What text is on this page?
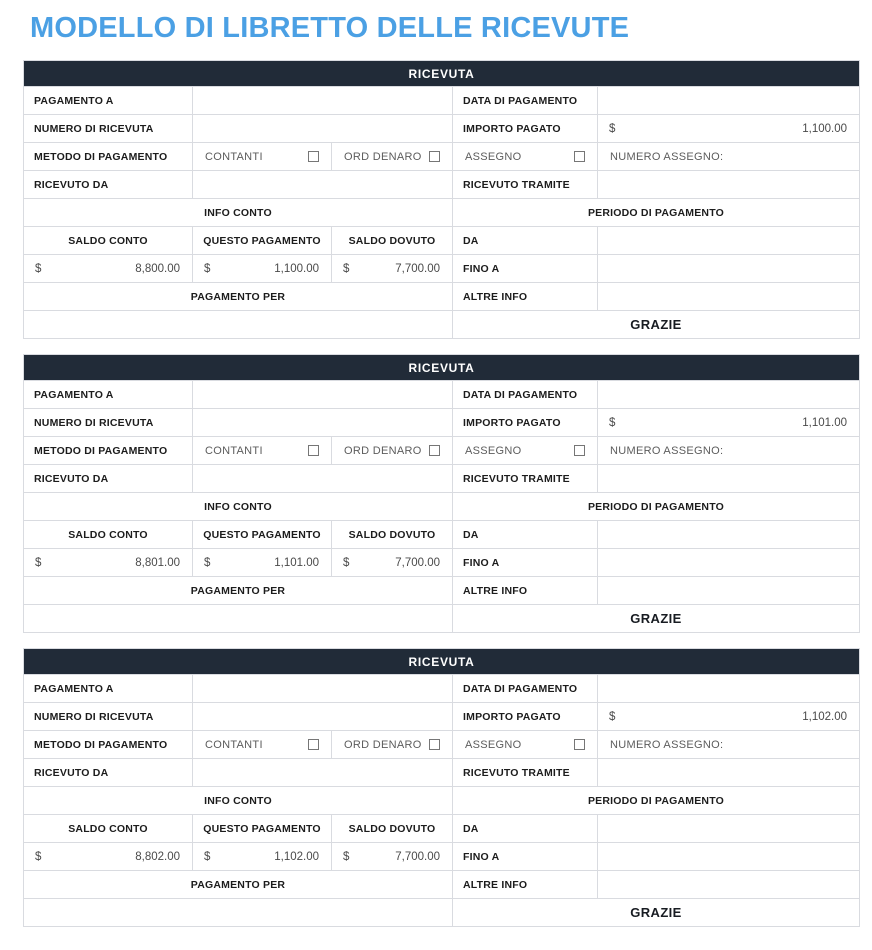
MODELLO DI LIBRETTO DELLE RICEVUTE
RICEVUTA
PAGAMENTO A	DATA DI PAGAMENTO
NUMERO DI RICEVUTA	IMPORTO PAGATO	$	1,100.00
METODO DI PAGAMENTO	CONTANTI	ORD DENARO	ASSEGNO	NUMERO ASSEGNO:
RICEVUTO DA	RICEVUTO TRAMITE
INFO CONTO	PERIODO DI PAGAMENTO
SALDO CONTO	QUESTO PAGAMENTO	SALDO DOVUTO	DA
$	8,800.00 $	1,100.00 $	7,700.00	FINO A
PAGAMENTO PER	ALTRE INFO
GRAZIE
RICEVUTA
PAGAMENTO A	DATA DI PAGAMENTO
NUMERO DI RICEVUTA	IMPORTO PAGATO	$	1,101.00
METODO DI PAGAMENTO	CONTANTI	ORD DENARO	ASSEGNO	NUMERO ASSEGNO:
RICEVUTO DA	RICEVUTO TRAMITE
INFO CONTO	PERIODO DI PAGAMENTO
SALDO CONTO	QUESTO PAGAMENTO	SALDO DOVUTO	DA
$	8,801.00 $	1,101.00 $	7,700.00	FINO A
PAGAMENTO PER	ALTRE INFO
GRAZIE
RICEVUTA
PAGAMENTO A	DATA DI PAGAMENTO
NUMERO DI RICEVUTA	IMPORTO PAGATO	$	1,102.00
METODO DI PAGAMENTO	CONTANTI	ORD DENARO	ASSEGNO	NUMERO ASSEGNO:
RICEVUTO DA	RICEVUTO TRAMITE
INFO CONTO	PERIODO DI PAGAMENTO
SALDO CONTO	QUESTO PAGAMENTO	SALDO DOVUTO	DA
$	8,802.00 $	1,102.00 $	7,700.00	FINO A
PAGAMENTO PER	ALTRE INFO
GRAZIE
